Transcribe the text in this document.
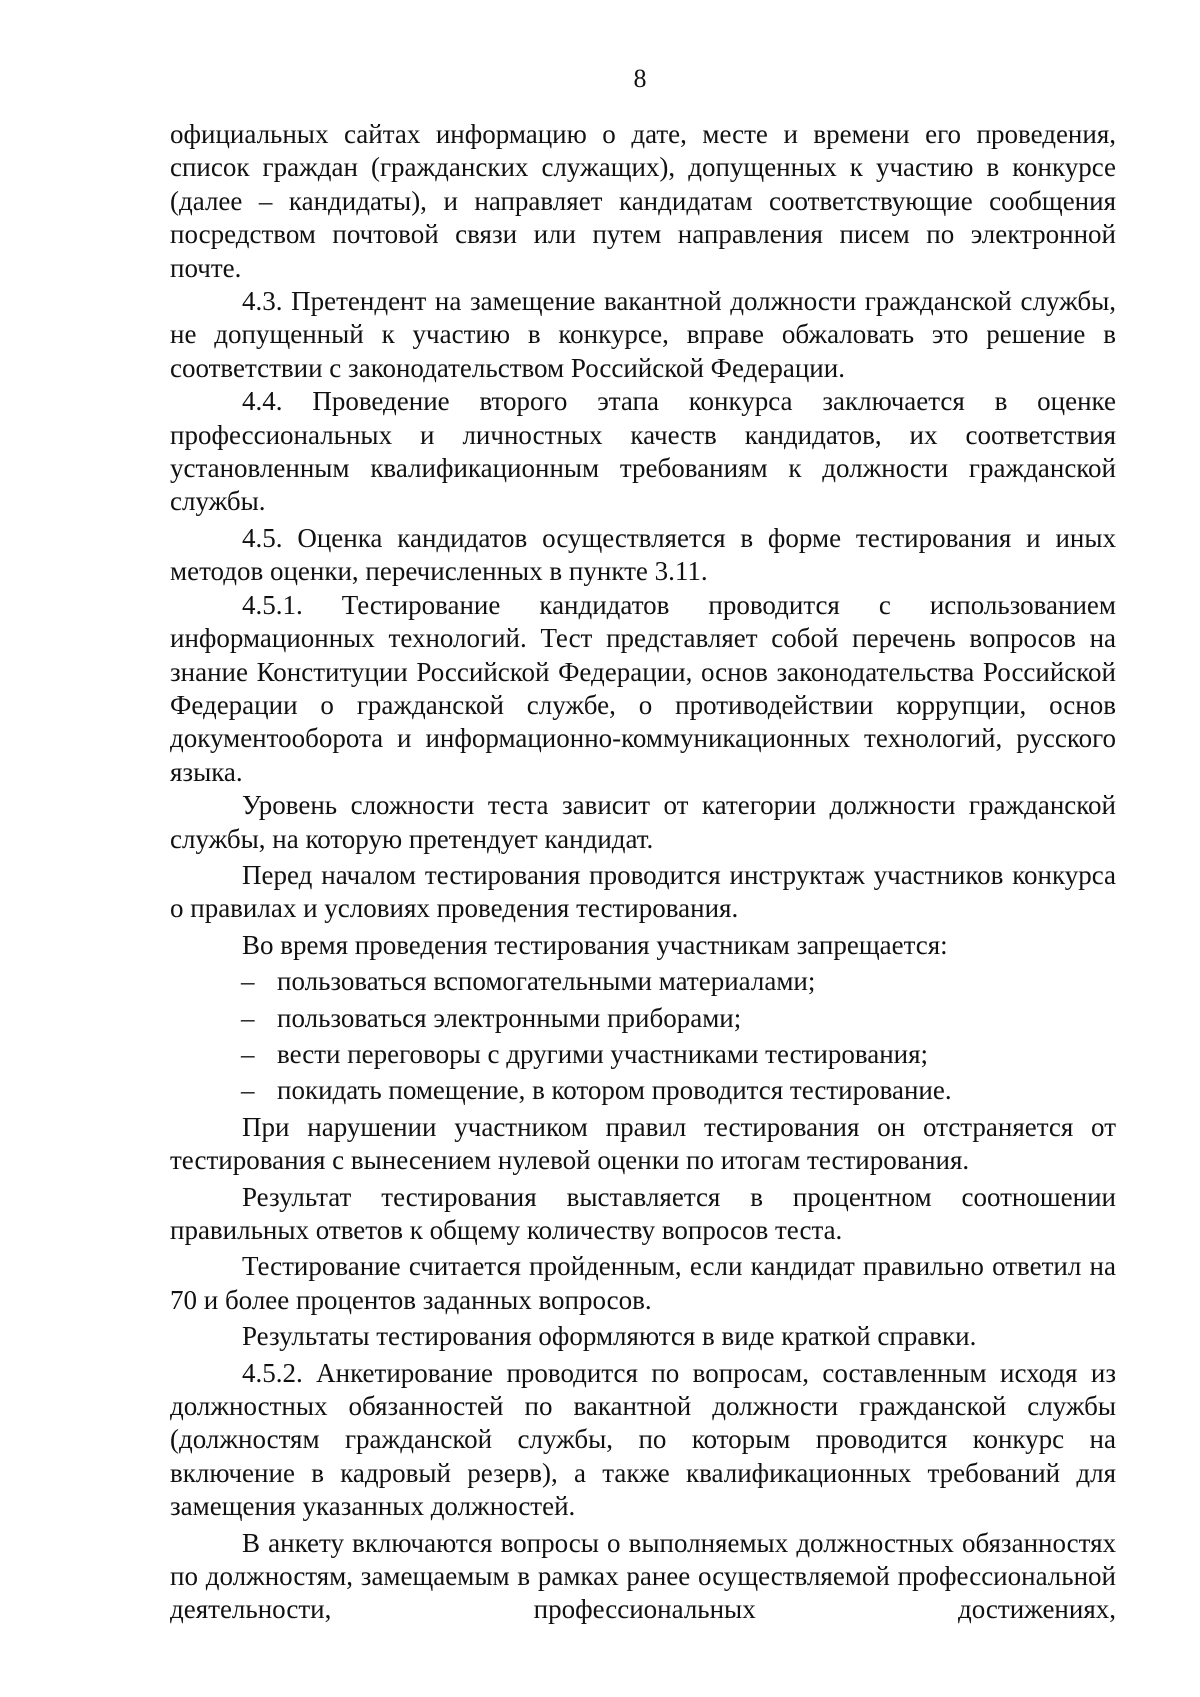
8

официальных сайтах информацию о дате, месте и времени его проведения, список граждан (гражданских служащих), допущенных к участию в конкурсе (далее – кандидаты), и направляет кандидатам соответствующие сообщения посредством почтовой связи или путем направления писем по электронной почте.

4.3. Претендент на замещение вакантной должности гражданской службы, не допущенный к участию в конкурсе, вправе обжаловать это решение в соответствии с законодательством Российской Федерации.

4.4. Проведение второго этапа конкурса заключается в оценке профессиональных и личностных качеств кандидатов, их соответствия установленным квалификационным требованиям к должности гражданской службы.

4.5. Оценка кандидатов осуществляется в форме тестирования и иных методов оценки, перечисленных в пункте 3.11.

4.5.1. Тестирование кандидатов проводится с использованием информационных технологий. Тест представляет собой перечень вопросов на знание Конституции Российской Федерации, основ законодательства Российской Федерации о гражданской службе, о противодействии коррупции, основ документооборота и информационно-коммуникационных технологий, русского языка.

Уровень сложности теста зависит от категории должности гражданской службы, на которую претендует кандидат.

Перед началом тестирования проводится инструктаж участников конкурса о правилах и условиях проведения тестирования.

Во время проведения тестирования участникам запрещается:

– пользоваться вспомогательными материалами;

– пользоваться электронными приборами;

– вести переговоры с другими участниками тестирования;

– покидать помещение, в котором проводится тестирование.

При нарушении участником правил тестирования он отстраняется от тестирования с вынесением нулевой оценки по итогам тестирования.

Результат тестирования выставляется в процентном соотношении правильных ответов к общему количеству вопросов теста.

Тестирование считается пройденным, если кандидат правильно ответил на 70 и более процентов заданных вопросов.

Результаты тестирования оформляются в виде краткой справки.

4.5.2. Анкетирование проводится по вопросам, составленным исходя из должностных обязанностей по вакантной должности гражданской службы (должностям гражданской службы, по которым проводится конкурс на включение в кадровый резерв), а также квалификационных требований для замещения указанных должностей.

В анкету включаются вопросы о выполняемых должностных обязанностях по должностям, замещаемым в рамках ранее осуществляемой профессиональной деятельности, профессиональных достижениях,
